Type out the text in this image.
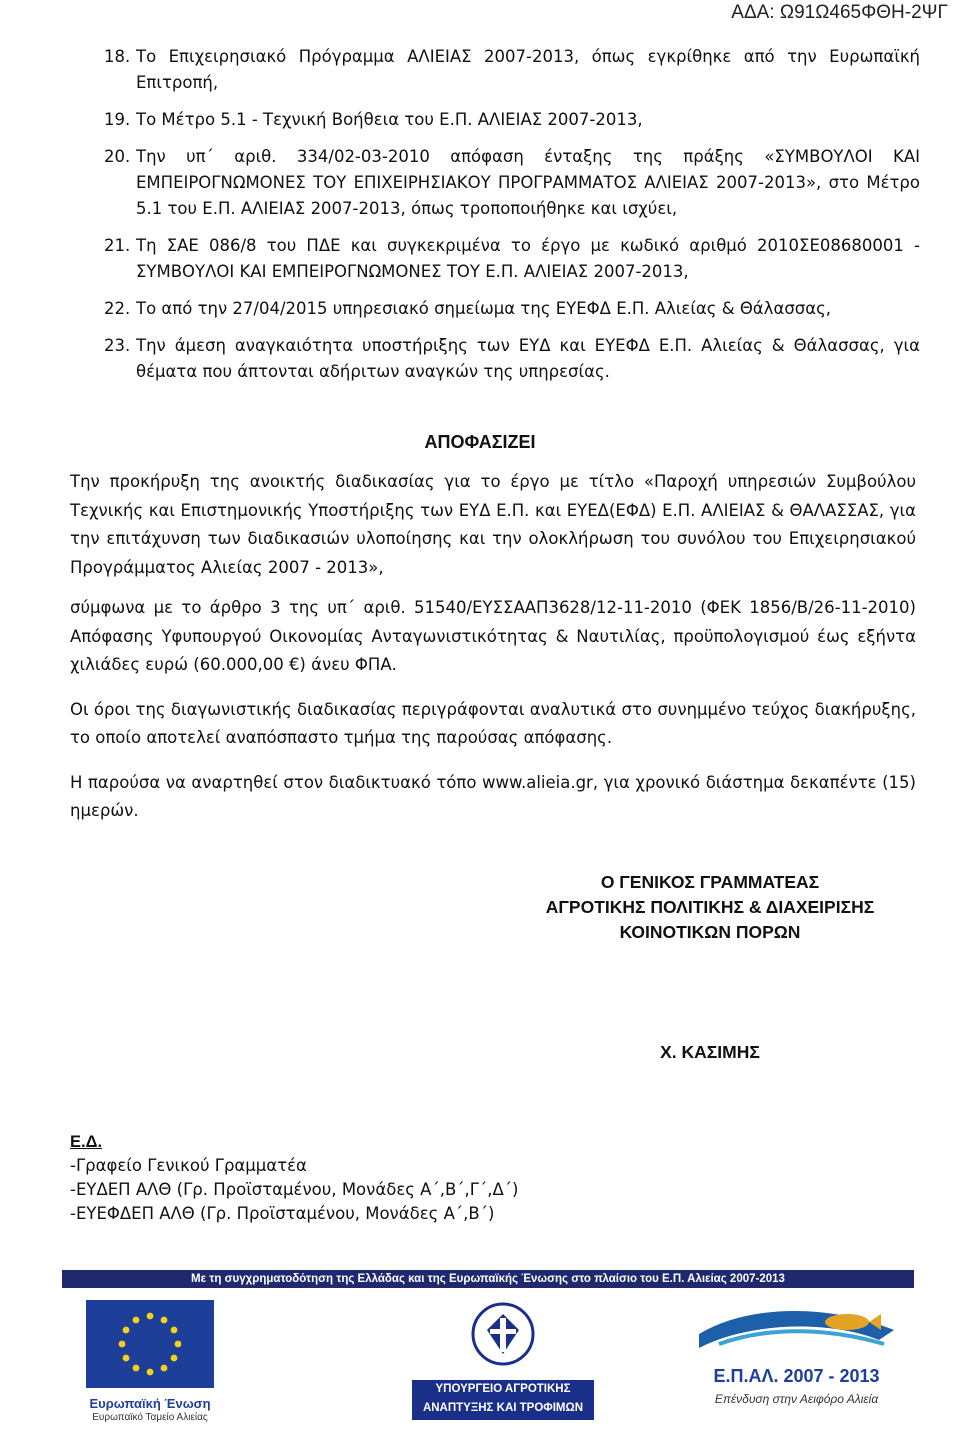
ΑΔΑ: Ω91Ω465ΦΘΗ-2ΨΓ
18. Το Επιχειρησιακό Πρόγραμμα ΑΛΙΕΙΑΣ 2007-2013, όπως εγκρίθηκε από την Ευρωπαϊκή Επιτροπή,
19. Το Μέτρο 5.1 - Τεχνική Βοήθεια του Ε.Π. ΑΛΙΕΙΑΣ 2007-2013,
20. Την υπ΄ αριθ. 334/02-03-2010 απόφαση ένταξης της πράξης «ΣΥΜΒΟΥΛΟΙ ΚΑΙ ΕΜΠΕΙΡΟΓΝΩΜΟΝΕΣ ΤΟΥ ΕΠΙΧΕΙΡΗΣΙΑΚΟΥ ΠΡΟΓΡΑΜΜΑΤΟΣ ΑΛΙΕΙΑΣ 2007-2013», στο Μέτρο 5.1 του Ε.Π. ΑΛΙΕΙΑΣ 2007-2013, όπως τροποποιήθηκε και ισχύει,
21. Τη ΣΑΕ 086/8 του ΠΔΕ και συγκεκριμένα το έργο με κωδικό αριθμό 2010ΣΕ08680001 - ΣΥΜΒΟΥΛΟΙ ΚΑΙ ΕΜΠΕΙΡΟΓΝΩΜΟΝΕΣ ΤΟΥ Ε.Π. ΑΛΙΕΙΑΣ 2007-2013,
22. Το από την 27/04/2015 υπηρεσιακό σημείωμα της ΕΥΕΦΔ Ε.Π. Αλιείας & Θάλασσας,
23. Την άμεση αναγκαιότητα υποστήριξης των ΕΥΔ και ΕΥΕΦΔ Ε.Π. Αλιείας & Θάλασσας, για θέματα που άπτονται αδήριτων αναγκών της υπηρεσίας.
ΑΠΟΦΑΣΙΖΕΙ

Την προκήρυξη της ανοικτής διαδικασίας για το έργο με τίτλο «Παροχή υπηρεσιών Συμβούλου Τεχνικής και Επιστημονικής Υποστήριξης των ΕΥΔ Ε.Π. και ΕΥΕΔ(ΕΦΔ) Ε.Π. ΑΛΙΕΙΑΣ & ΘΑΛΑΣΣΑΣ, για την επιτάχυνση των διαδικασιών υλοποίησης και την ολοκλήρωση του συνόλου του Επιχειρησιακού Προγράμματος Αλιείας 2007 - 2013»,

σύμφωνα με το άρθρο 3 της υπ΄ αριθ. 51540/ΕΥΣΣΑΑΠ3628/12-11-2010 (ΦΕΚ 1856/Β/26-11-2010) Απόφασης Υφυπουργού Οικονομίας Ανταγωνιστικότητας & Ναυτιλίας, προϋπολογισμού έως εξήντα χιλιάδες ευρώ (60.000,00 €) άνευ ΦΠΑ.

Οι όροι της διαγωνιστικής διαδικασίας περιγράφονται αναλυτικά στο συνημμένο τεύχος διακήρυξης, το οποίο αποτελεί αναπόσπαστο τμήμα της παρούσας απόφασης.

Η παρούσα να αναρτηθεί στον διαδικτυακό τόπο www.alieia.gr, για χρονικό διάστημα δεκαπέντε (15) ημερών.

Ο ΓΕΝΙΚΟΣ ΓΡΑΜΜΑΤΕΑΣ
ΑΓΡΟΤΙΚΗΣ ΠΟΛΙΤΙΚΗΣ & ΔΙΑΧΕΙΡΙΣΗΣ
ΚΟΙΝΟΤΙΚΩΝ ΠΟΡΩΝ
Χ. ΚΑΣΙΜΗΣ
Ε.Δ.
-Γραφείο Γενικού Γραμματέα
-ΕΥΔΕΠ ΑΛΘ (Γρ. Προϊσταμένου, Μονάδες Α΄,Β΄,Γ΄,Δ΄)
-ΕΥΕΦΔΕΠ ΑΛΘ (Γρ. Προϊσταμένου, Μονάδες Α΄,Β΄)
Με τη συγχρηματοδότηση της Ελλάδας και της Ευρωπαϊκής Ένωσης στο πλαίσιο του Ε.Π. Αλιείας 2007-2013
Ευρωπαϊκή Ένωση
Ευρωπαϊκό Ταμείο Αλιείας
ΥΠΟΥΡΓΕΙΟ ΑΓΡΟΤΙΚΗΣ
ΑΝΑΠΤΥΞΗΣ ΚΑΙ ΤΡΟΦΙΜΩΝ
Ε.Π.ΑΛ. 2007 - 2013
Επένδυση στην Αειφόρο Αλιεία
